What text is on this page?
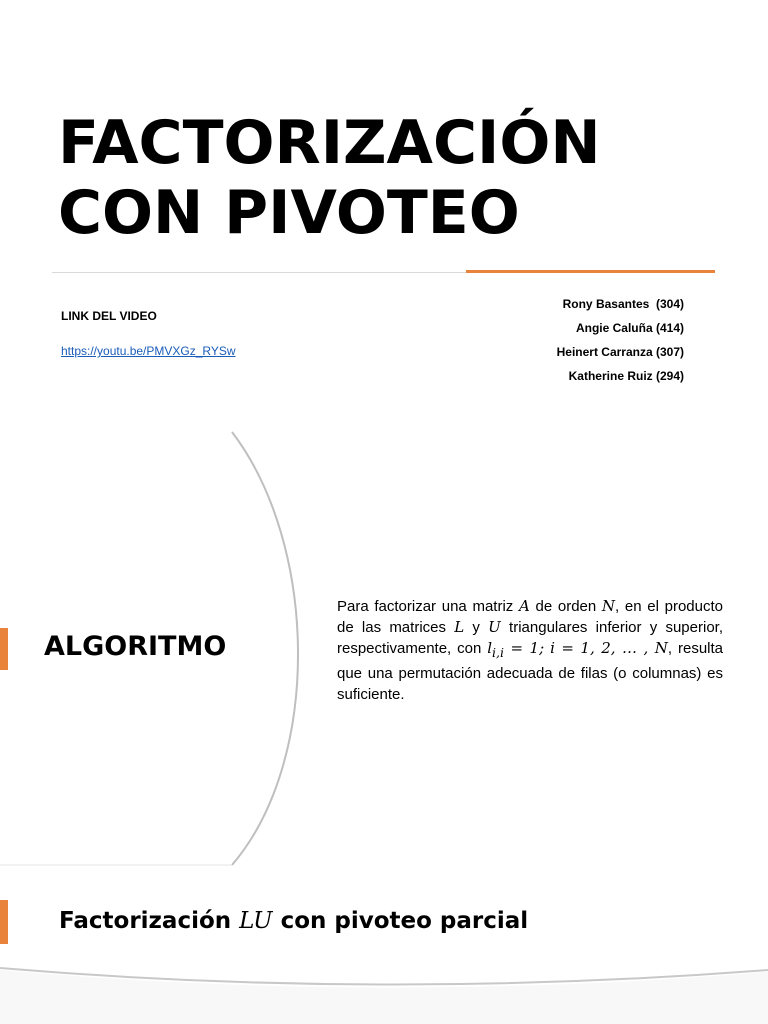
FACTORIZACIÓN
CON PIVOTEO
LINK DEL VIDEO
https://youtu.be/PMVXGz_RYSw
Rony Basantes  (304)
Angie Caluña (414)
Heinert Carranza (307)
Katherine Ruiz (294)
ALGORITMO

Para factorizar una matriz A de orden N, en el producto de las matrices L y U triangulares inferior y superior, respectivamente, con $l_{i,i} = 1$; i = 1, 2, … , N, resulta que una permutación adecuada de filas (o columnas) es suficiente.

Factorización LU con pivoteo parcial
